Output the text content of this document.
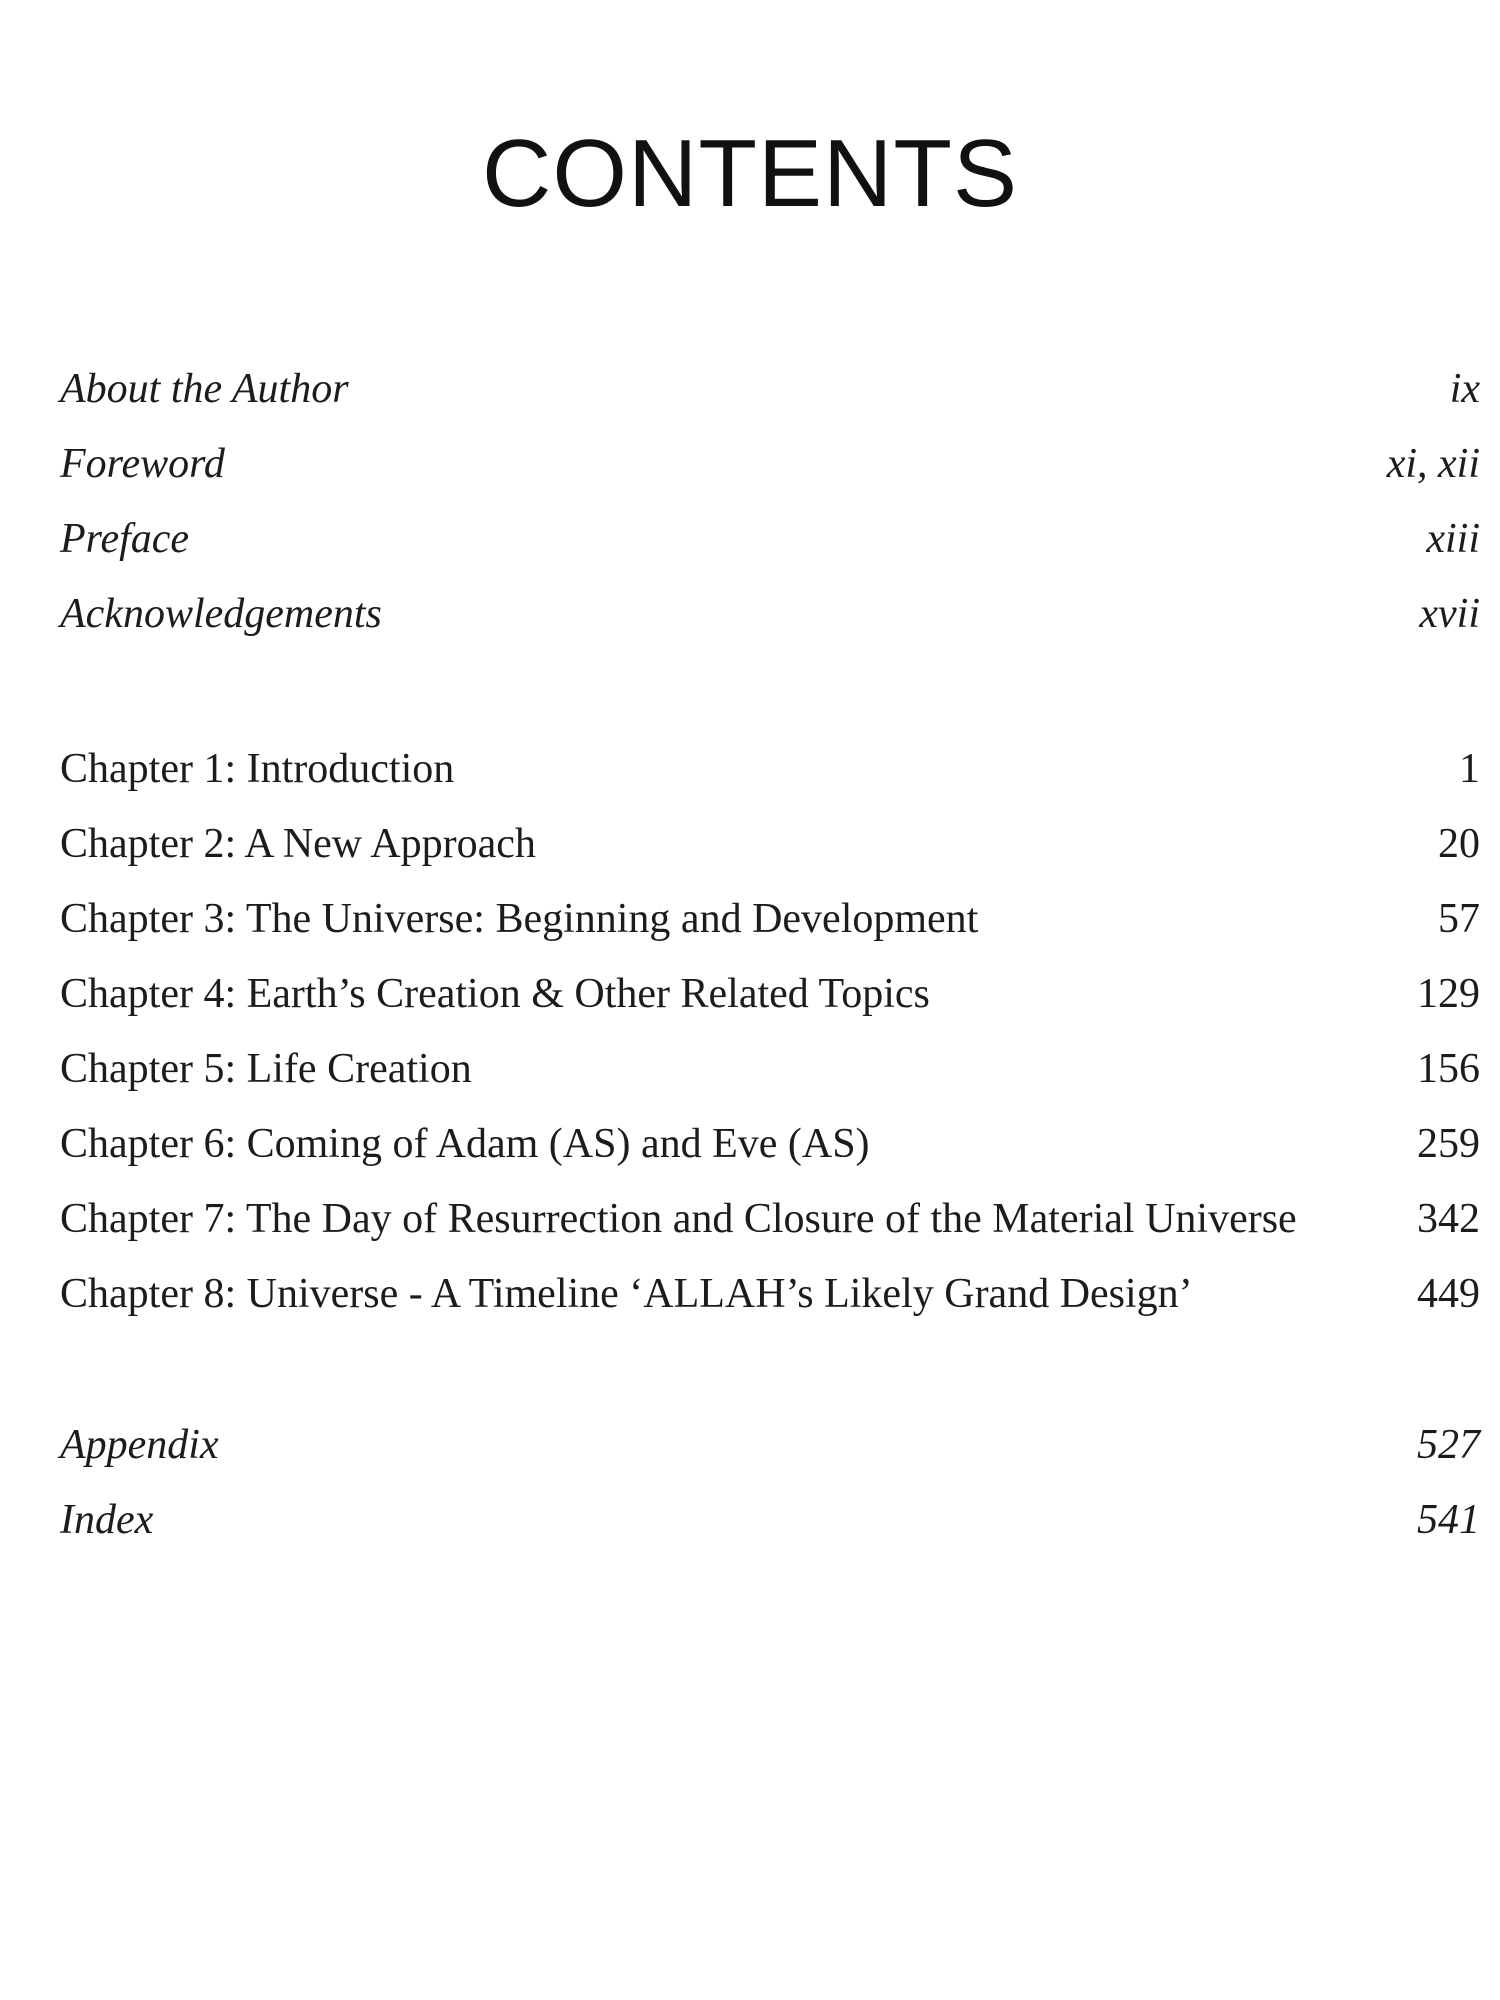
CONTENTS
About the Author	ix
Foreword	xi, xii
Preface	xiii
Acknowledgements	xvii
Chapter 1: Introduction	1
Chapter 2: A New Approach	20
Chapter 3: The Universe: Beginning and Development	57
Chapter 4: Earth’s Creation & Other Related Topics	129
Chapter 5: Life Creation	156
Chapter 6: Coming of Adam (AS) and Eve (AS)	259
Chapter 7: The Day of Resurrection and Closure of the Material Universe	342
Chapter 8: Universe - A Timeline ‘ALLAH’s Likely Grand Design’	449
Appendix	527
Index	541
